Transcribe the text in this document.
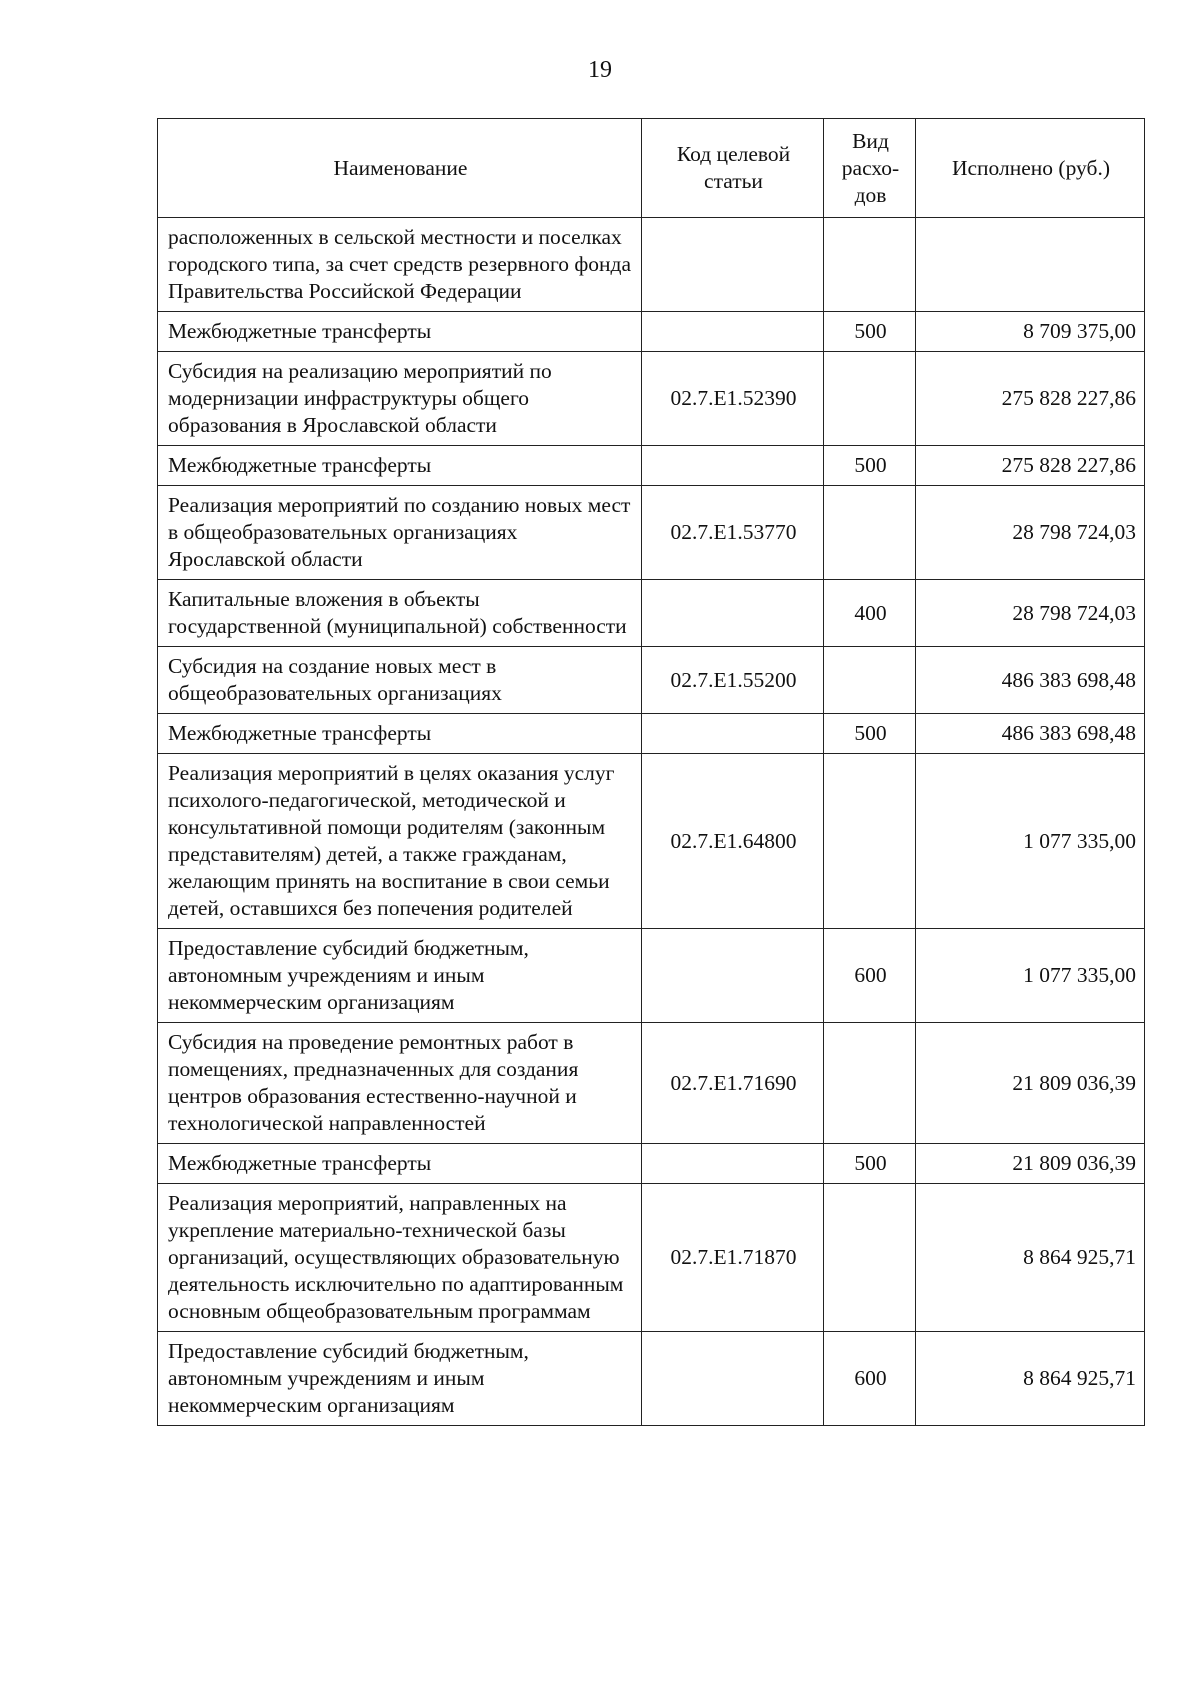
19
Наименование	Код целевой статьи	Вид расхо-дов	Исполнено (руб.)
расположенных в сельской местности и поселках городского типа, за счет средств резервного фонда Правительства Российской Федерации			
Межбюджетные трансферты		500	8 709 375,00
Субсидия на реализацию мероприятий по модернизации инфраструктуры общего образования в Ярославской области	02.7.E1.52390		275 828 227,86
Межбюджетные трансферты		500	275 828 227,86
Реализация мероприятий по созданию новых мест в общеобразовательных организациях Ярославской области	02.7.E1.53770		28 798 724,03
Капитальные вложения в объекты государственной (муниципальной) собственности		400	28 798 724,03
Субсидия на создание новых мест в общеобразовательных организациях	02.7.E1.55200		486 383 698,48
Межбюджетные трансферты		500	486 383 698,48
Реализация мероприятий в целях оказания услуг психолого-педагогической, методической и консультативной помощи родителям (законным представителям) детей, а также гражданам, желающим принять на воспитание в свои семьи детей, оставшихся без попечения родителей	02.7.E1.64800		1 077 335,00
Предоставление субсидий бюджетным, автономным учреждениям и иным некоммерческим организациям		600	1 077 335,00
Субсидия на проведение ремонтных работ в помещениях, предназначенных для создания центров образования естественно-научной и технологической направленностей	02.7.E1.71690		21 809 036,39
Межбюджетные трансферты		500	21 809 036,39
Реализация мероприятий, направленных на укрепление материально-технической базы организаций, осуществляющих образовательную деятельность исключительно по адаптированным основным общеобразовательным программам	02.7.E1.71870		8 864 925,71
Предоставление субсидий бюджетным, автономным учреждениям и иным некоммерческим организациям		600	8 864 925,71
